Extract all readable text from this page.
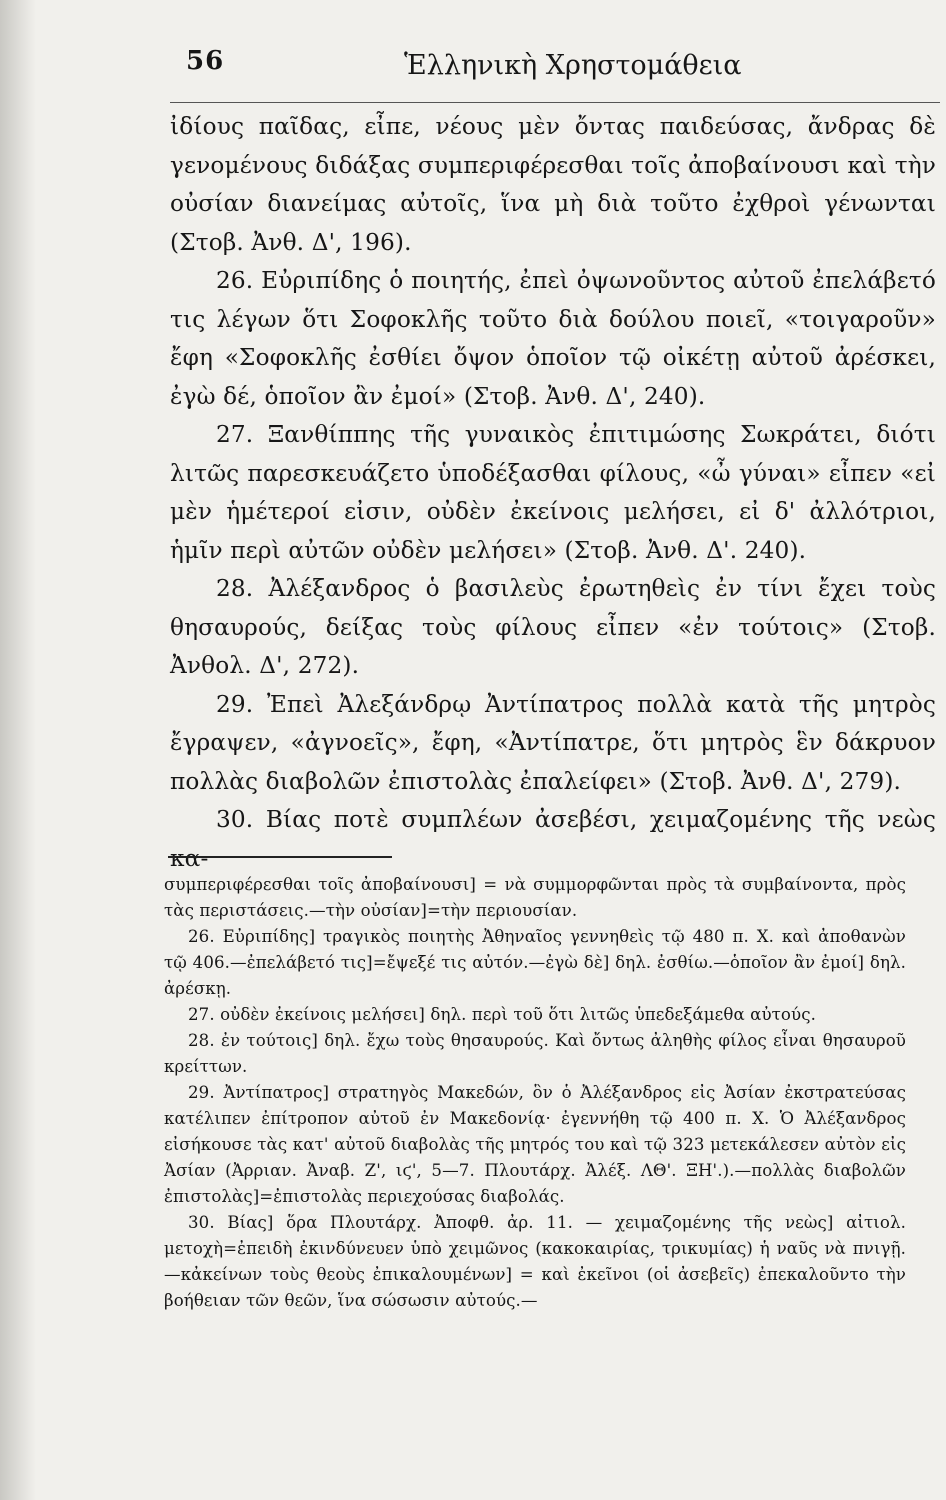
56	Ἑλληνικὴ Χρηστομάθεια

ἰδίους παῖδας, εἶπε, νέους μὲν ὄντας παιδεύσας, ἄνδρας δὲ γενομένους διδάξας συμπεριφέρεσθαι τοῖς ἀποβαίνουσι καὶ τὴν οὐσίαν διανείμας αὐτοῖς, ἵνα μὴ διὰ τοῦτο ἐχθροὶ γένωνται (Στοβ. Ἀνθ. Δ', 196).

26. Εὐριπίδης ὁ ποιητής, ἐπεὶ ὀψωνοῦντος αὐτοῦ ἐπελάβετό τις λέγων ὅτι Σοφοκλῆς τοῦτο διὰ δούλου ποιεῖ, «τοιγαροῦν» ἔφη «Σοφοκλῆς ἐσθίει ὄψον ὁποῖον τῷ οἰκέτῃ αὐτοῦ ἀρέσκει, ἐγὼ δέ, ὁποῖον ἂν ἐμοί» (Στοβ. Ἀνθ. Δ', 240).

27. Ξανθίππης τῆς γυναικὸς ἐπιτιμώσης Σωκράτει, διότι λιτῶς παρεσκευάζετο ὑποδέξασθαι φίλους, «ὦ γύναι» εἶπεν «εἰ μὲν ἡμέτεροί εἰσιν, οὐδὲν ἐκείνοις μελήσει, εἰ δ' ἀλλότριοι, ἡμῖν περὶ αὐτῶν οὐδὲν μελήσει» (Στοβ. Ἀνθ. Δ'. 240).

28. Ἀλέξανδρος ὁ βασιλεὺς ἐρωτηθεὶς ἐν τίνι ἔχει τοὺς θησαυρούς, δείξας τοὺς φίλους εἶπεν «ἐν τούτοις» (Στοβ. Ἀνθολ. Δ', 272).

29. Ἐπεὶ Ἀλεξάνδρῳ Ἀντίπατρος πολλὰ κατὰ τῆς μητρὸς ἔγραψεν, «ἀγνοεῖς», ἔφη, «Ἀντίπατρε, ὅτι μητρὸς ἓν δάκρυον πολλὰς διαβολῶν ἐπιστολὰς ἐπαλείφει» (Στοβ. Ἀνθ. Δ', 279).

30. Βίας ποτὲ συμπλέων ἀσεβέσι, χειμαζομένης τῆς νεὼς κα-

συμπεριφέρεσθαι τοῖς ἀποβαίνουσι] = νὰ συμμορφῶνται πρὸς τὰ συμβαίνοντα, πρὸς τὰς περιστάσεις.—τὴν οὐσίαν]=τὴν περιουσίαν.

26. Εὐριπίδης] τραγικὸς ποιητὴς Ἀθηναῖος γεννηθεὶς τῷ 480 π. Χ. καὶ ἀποθανὼν τῷ 406.—ἐπελάβετό τις]=ἔψεξέ τις αὐτόν.—ἐγὼ δὲ] δηλ. ἐσθίω.—ὁποῖον ἂν ἐμοί] δηλ. ἀρέσκῃ.

27. οὐδὲν ἐκείνοις μελήσει] δηλ. περὶ τοῦ ὅτι λιτῶς ὑπεδεξάμεθα αὐτούς.

28. ἐν τούτοις] δηλ. ἔχω τοὺς θησαυρούς. Καὶ ὄντως ἀληθὴς φίλος εἶναι θησαυροῦ κρείττων.

29. Ἀντίπατρος] στρατηγὸς Μακεδών, ὃν ὁ Ἀλέξανδρος εἰς Ἀσίαν ἐκστρατεύσας κατέλιπεν ἐπίτροπον αὐτοῦ ἐν Μακεδονίᾳ· ἐγεννήθη τῷ 400 π. Χ. Ὁ Ἀλέξανδρος εἰσήκουσε τὰς κατ' αὐτοῦ διαβολὰς τῆς μητρός του καὶ τῷ 323 μετεκάλεσεν αὐτὸν εἰς Ἀσίαν (Ἀρριαν. Ἀναβ. Ζ', ιϛ', 5—7. Πλουτάρχ. Ἀλέξ. ΛΘ'. ΞΗ'.).—πολλὰς διαβολῶν ἐπιστολὰς]=ἐπιστολὰς περιεχούσας διαβολάς.

30. Βίας] ὅρα Πλουτάρχ. Ἀποφθ. ἀρ. 11. — χειμαζομένης τῆς νεὼς] αἰτιολ. μετοχὴ=ἐπειδὴ ἐκινδύνευεν ὑπὸ χειμῶνος (κακοκαιρίας, τρικυμίας) ἡ ναῦς νὰ πνιγῇ.—κἀκείνων τοὺς θεοὺς ἐπικαλουμένων] = καὶ ἐκεῖνοι (οἱ ἀσεβεῖς) ἐπεκαλοῦντο τὴν βοήθειαν τῶν θεῶν, ἵνα σώσωσιν αὐτούς.—
